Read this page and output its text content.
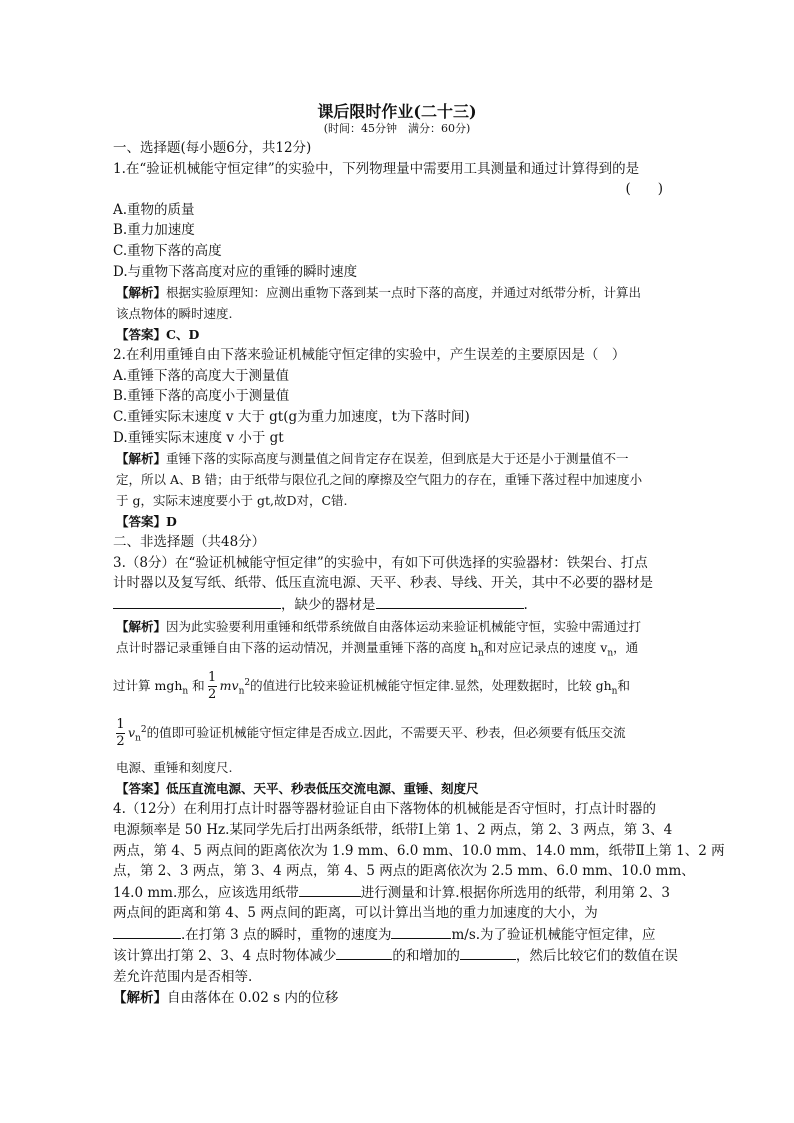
课后限时作业(二十三)

(时间：45分钟　满分：60分)

一、选择题(每小题6分，共12分)

1.在“验证机械能守恒定律”的实验中，下列物理量中需要用工具测量和通过计算得到的是

(　　)

A.重物的质量

B.重力加速度

C.重物下落的高度

D.与重物下落高度对应的重锤的瞬时速度

【解析】根据实验原理知：应测出重物下落到某一点时下落的高度，并通过对纸带分析，计算出

该点物体的瞬时速度.

【答案】C、D

2.在利用重锤自由下落来验证机械能守恒定律的实验中，产生误差的主要原因是（　）

A.重锤下落的高度大于测量值

B.重锤下落的高度小于测量值

C.重锤实际末速度 v 大于 gt(g为重力加速度，t为下落时间)

D.重锤实际末速度 v 小于 gt

【解析】重锤下落的实际高度与测量值之间肯定存在误差，但到底是大于还是小于测量值不一

定，所以 A、B 错；由于纸带与限位孔之间的摩擦及空气阻力的存在，重锤下落过程中加速度小

于 g，实际末速度要小于 gt,故D对，C错.

【答案】D

二、非选择题（共48分）

3.（8分）在“验证机械能守恒定律”的实验中，有如下可供选择的实验器材：铁架台、打点

计时器以及复写纸、纸带、低压直流电源、天平、秒表、导线、开关，其中不必要的器材是

，缺少的器材是	.

【解析】因为此实验要利用重锤和纸带系统做自由落体运动来验证机械能守恒，实验中需通过打

点计时器记录重锤自由下落的运动情况，并测量重锤下落的高度 $h_n$和对应记录点的速度 $v_n$，通

过计算 mgh$_n$ 和 $\frac{1}{2} mv_n^2$的值进行比较来验证机械能守恒定律.显然，处理数据时，比较 $gh_n$和

$\frac{1}{2} v_n^2$的值即可验证机械能守恒定律是否成立.因此，不需要天平、秒表，但必须要有低压交流

电源、重锤和刻度尺.

【答案】低压直流电源、天平、秒表低压交流电源、重锤、刻度尺

4.（12分）在利用打点计时器等器材验证自由下落物体的机械能是否守恒时，打点计时器的

电源频率是 50 Hz.某同学先后打出两条纸带，纸带Ⅰ上第 1、2 两点，第 2、3 两点，第 3、4

两点，第 4、5 两点间的距离依次为 1.9 mm、6.0 mm、10.0 mm、14.0 mm，纸带Ⅱ上第 1、2 两

点，第 2、3 两点，第 3、4 两点，第 4、5 两点的距离依次为 2.5 mm、6.0 mm、10.0 mm、

14.0 mm.那么，应该选用纸带	进行测量和计算.根据你所选用的纸带，利用第 2、3

两点间的距离和第 4、5 两点间的距离，可以计算出当地的重力加速度的大小，为

.在打第 3 点的瞬时，重物的速度为	m/s.为了验证机械能守恒定律，应

该计算出打第 2、3、4 点时物体减少	的和增加的	，然后比较它们的数值在误

差允许范围内是否相等.

【解析】自由落体在 0.02 s 内的位移
